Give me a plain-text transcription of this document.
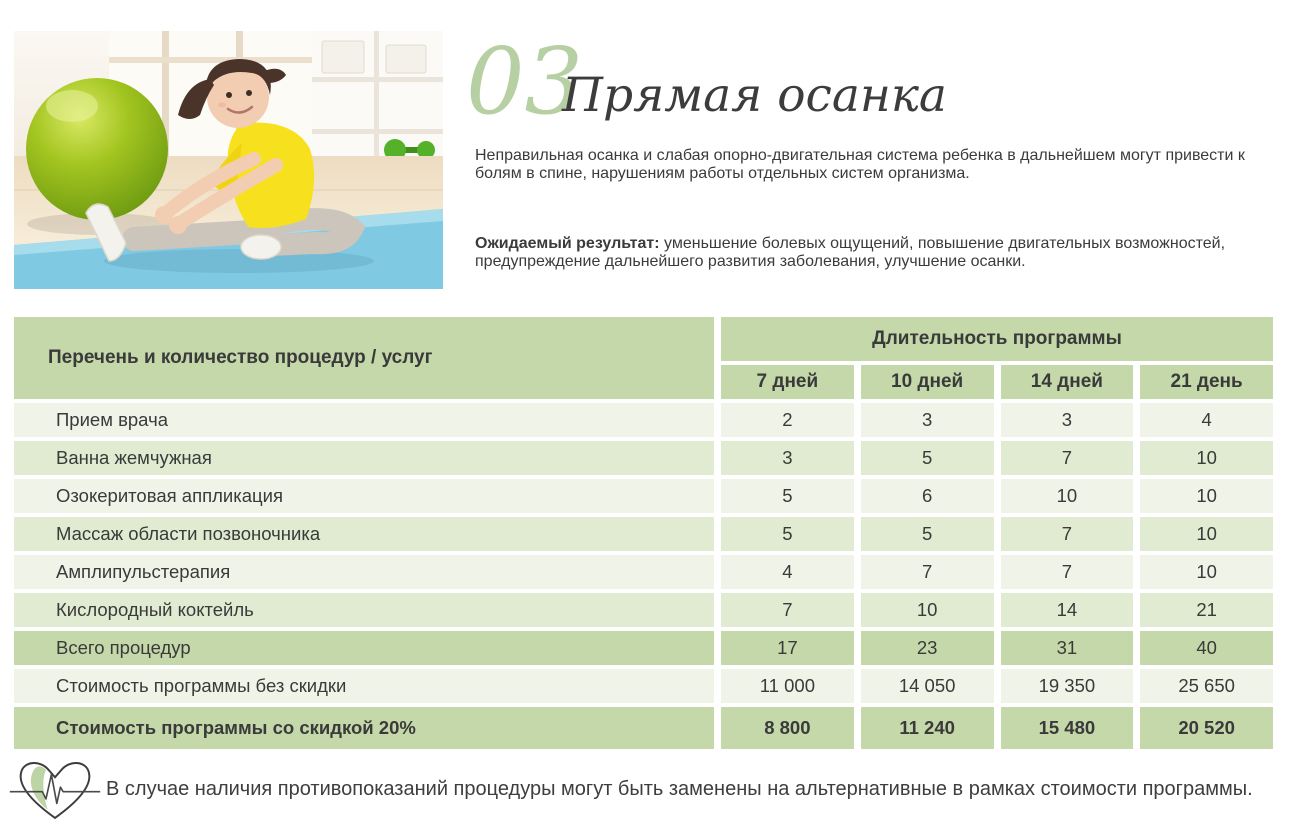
03
Прямая осанка

Неправильная осанка и слабая опорно-двигательная система ребенка в дальнейшем могут привести к болям в спине, нарушениям работы отдельных систем организма.

Ожидаемый результат: уменьшение болевых ощущений, повышение двигательных возможностей, предупреждение дальнейшего развития заболевания, улучшение осанки.

Перечень и количество процедур / услуг
Длительность программы
7 дней	10 дней	14 дней	21 день
Прием врача	2	3	3	4
Ванна жемчужная	3	5	7	10
Озокеритовая аппликация	5	6	10	10
Массаж области позвоночника	5	5	7	10
Амплипульстерапия	4	7	7	10
Кислородный коктейль	7	10	14	21
Всего процедур	17	23	31	40
Стоимость программы без скидки	11 000	14 050	19 350	25 650
Стоимость программы со скидкой 20%	8 800	11 240	15 480	20 520
В случае наличия противопоказаний процедуры могут быть заменены на альтернативные в рамках стоимости программы.
